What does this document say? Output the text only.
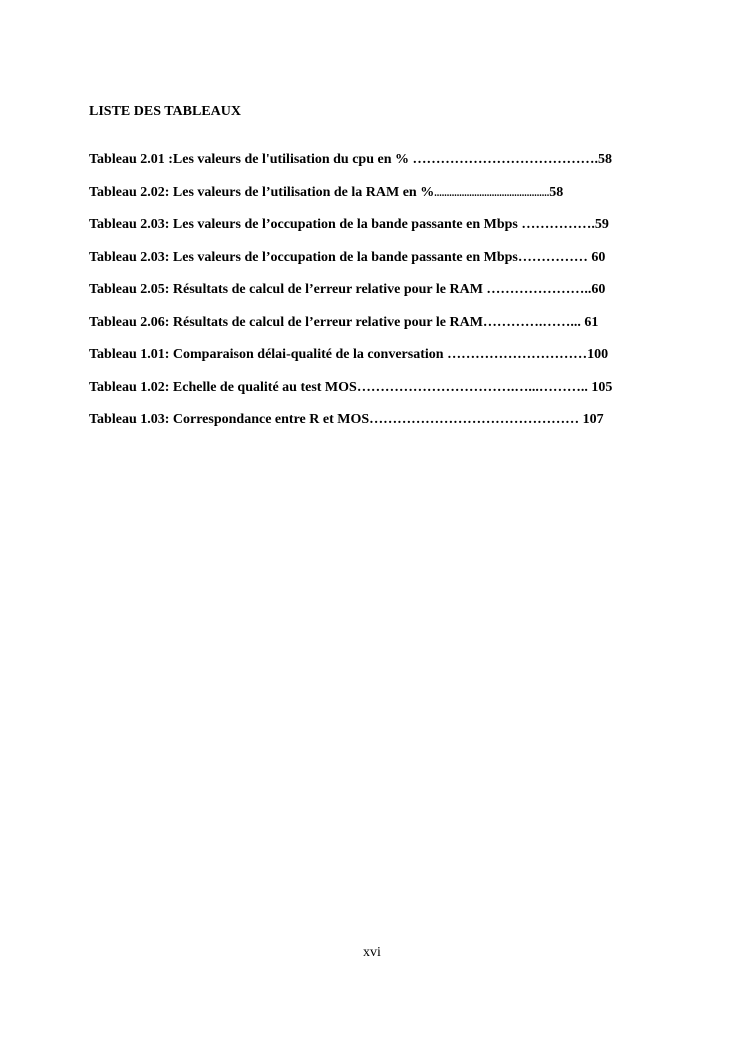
LISTE DES TABLEAUX
Tableau 2.01 :Les valeurs de l'utilisation du cpu en % ………………………………….58
Tableau 2.02: Les valeurs de l’utilisation de la RAM en %..............................................58
Tableau 2.03: Les valeurs de l’occupation de la bande passante en Mbps …………….59
Tableau 2.03: Les valeurs de l’occupation de la bande passante en Mbps…………… 60
Tableau 2.05: Résultats de calcul de l’erreur relative pour le RAM …………………..60
Tableau 2.06: Résultats de calcul de l’erreur relative pour le RAM………….……... 61
Tableau 1.01: Comparaison délai-qualité de la conversation …………………………100
Tableau 1.02: Echelle de qualité au test MOS…………………………….…...……….. 105
Tableau 1.03: Correspondance entre R et MOS……………………………………… 107
xvi
